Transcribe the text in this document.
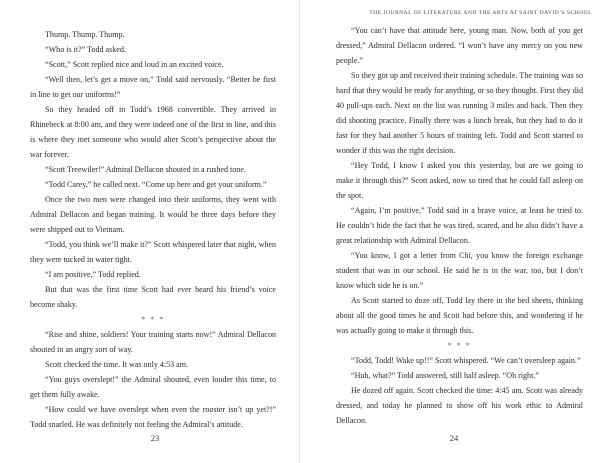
Thump. Thump. Thump.

“Who is it?” Todd asked.

“Scott,” Scott replied nice and loud in an excited voice.

“Well then, let’s get a move on,” Todd said nervously. “Better be first in line to get our uniforms!”

So they headed off in Todd’s 1968 convertible. They arrived in Rhinebeck at 8:00 am, and they were indeed one of the first in line, and this is where they met someone who would alter Scott’s perspective about the war forever.

“Scott Treewiler!” Admiral Dellacon shouted in a rushed tone.

“Todd Carey,” he called next. “Come up here and get your uniform.”

Once the two men were changed into their uniforms, they went with Admiral Dellacon and began training. It would be three days before they were shipped out to Vietnam.

“Todd, you think we’ll make it?” Scott whispered later that night, when they were tucked in water tight.

“I am positive,” Todd replied.

But that was the first time Scott had ever heard his friend’s voice become shaky.

* * *

“Rise and shine, soldiers! Your training starts now!” Admiral Dellacon shouted in an angry sort of way.

Scott checked the time. It was only 4:53 am.

“You guys overslept!” the Admiral shouted, even louder this time, to get them fully awake.

“How could we have overslept when even the rooster isn’t up yet?!” Todd snarled. He was definitely not feeling the Admiral’s attitude.

23
THE JOURNAL OF LITERATURE AND THE ARTS AT SAINT DAVID’S SCHOOL

“You can’t have that attitude here, young man. Now, both of you get dressed,” Admiral Dellacon ordered. “I won’t have any mercy on you new people.”

So they got up and received their training schedule. The training was so hard that they would be ready for anything, or so they thought. First they did 40 pull-ups each. Next on the list was running 3 miles and back. Then they did shooting practice. Finally there was a lunch break, but they had to do it fast for they had another 5 hours of training left. Todd and Scott started to wonder if this was the right decision.

“Hey Todd, I know I asked you this yesterday, but are we going to make it through this?” Scott asked, now so tired that he could fall asleep on the spot.

“Again, I’m positive,” Todd said in a brave voice, at least he tried to. He couldn’t hide the fact that he was tired, scared, and he also didn’t have a great relationship with Admiral Dellacon.

“You know, I got a letter from Chi, you know the foreign exchange student that was in our school. He said he is in the war, too, but I don’t know which side he is on.”

As Scott started to doze off, Todd lay there in the bed sheets, thinking about all the good times he and Scott had before this, and wondering if he was actually going to make it through this.

* * *

“Todd, Todd! Wake up!!” Scott whispered. “We can’t oversleep again.”

“Huh, what?” Todd answered, still half asleep. “Oh right.”

He dozed off again. Scott checked the time: 4:45 am. Scott was already dressed, and today he planned to show off his work ethic to Admiral Dellacon.

24
